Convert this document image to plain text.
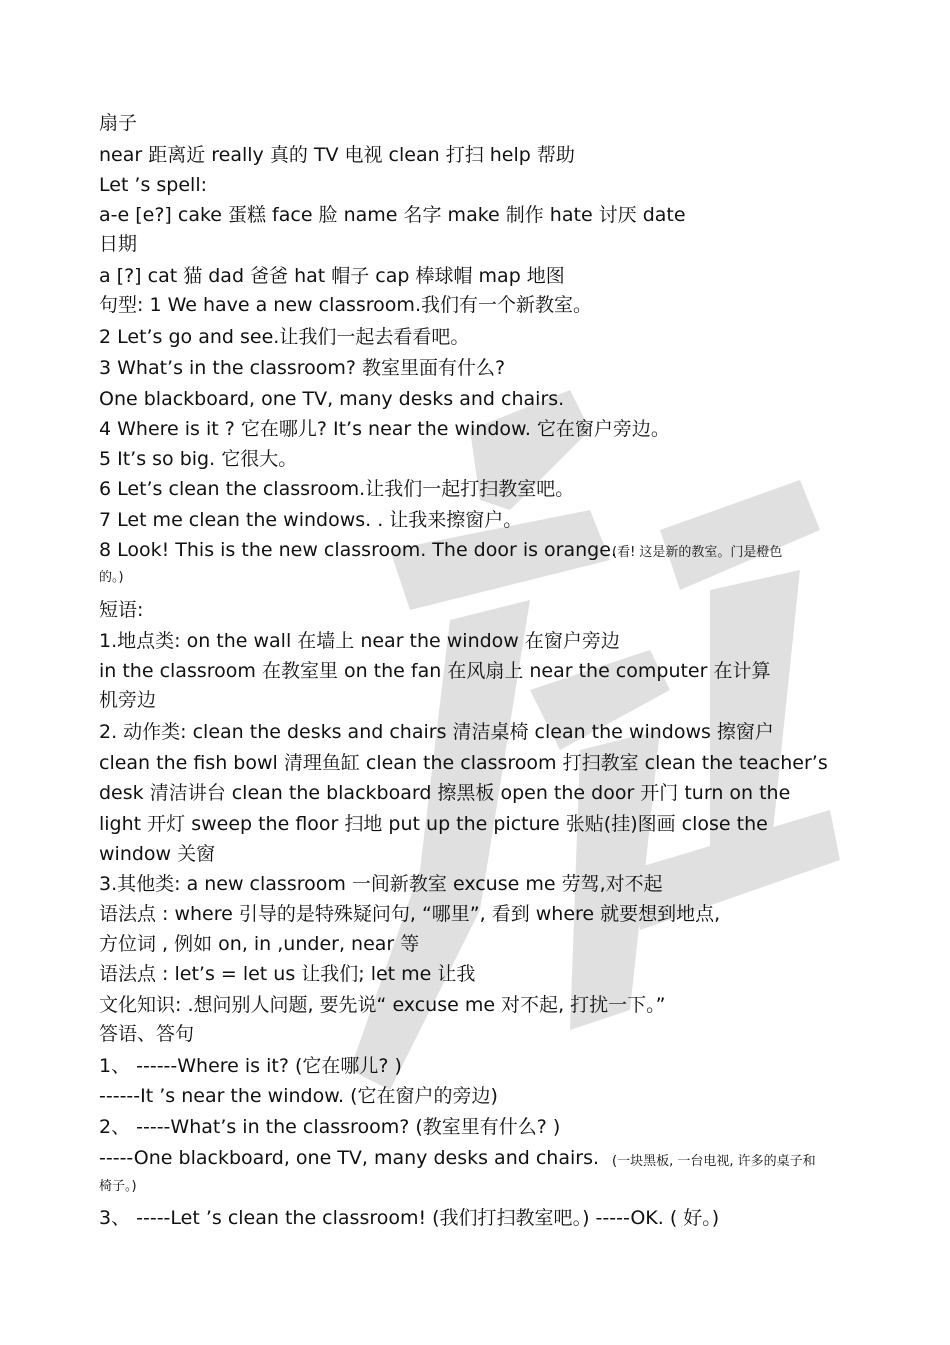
扇子
near 距离近 really 真的 TV 电视 clean 打扫 help 帮助
Let ’s spell:
a-e [e?] cake 蛋糕 face 脸 name 名字 make 制作 hate 讨厌 date
日期
a [?] cat 猫 dad 爸爸 hat 帽子 cap 棒球帽 map 地图
句型: 1 We have a new classroom.我们有一个新教室。
2 Let’s go and see.让我们一起去看看吧。
3 What’s in the classroom? 教室里面有什么?
One blackboard, one TV, many desks and chairs.
4 Where is it ? 它在哪儿? It’s near the window. 它在窗户旁边。
5 It’s so big. 它很大。
6 Let’s clean the classroom.让我们一起打扫教室吧。
7 Let me clean the windows. . 让我来擦窗户。
8 Look! This is the new classroom. The door is orange.
(看! 这是新的教室。门是橙色
的。)
短语:
1.地点类: on the wall 在墙上 near the window 在窗户旁边
in the classroom 在教室里 on the fan 在风扇上 near the computer 在计算
机旁边
2. 动作类: clean the desks and chairs 清洁桌椅 clean the windows 擦窗户
clean the fish bowl 清理鱼缸 clean the classroom 打扫教室 clean the teacher’s
desk 清洁讲台 clean the blackboard 擦黑板 open the door 开门 turn on the
light 开灯 sweep the floor 扫地 put up the picture 张贴(挂)图画 close the
window 关窗
3.其他类: a new classroom 一间新教室 excuse me 劳驾,对不起
语法点 : where 引导的是特殊疑问句, “哪里”, 看到 where 就要想到地点,
方位词 , 例如 on, in ,under, near 等
语法点 : let’s = let us 让我们; let me 让我
文化知识: .想问别人问题, 要先说“ excuse me 对不起, 打扰一下。”
答语、答句
1、 ------Where is it? (它在哪儿? )
------It ’s near the window. (它在窗户的旁边)
2、 -----What’s in the classroom? (教室里有什么? )
-----One blackboard, one TV, many desks and chairs. (一块黑板, 一台电视, 许多的桌子和
椅子。)
3、 -----Let ’s clean the classroom! (我们打扫教室吧。) -----OK. ( 好。)
